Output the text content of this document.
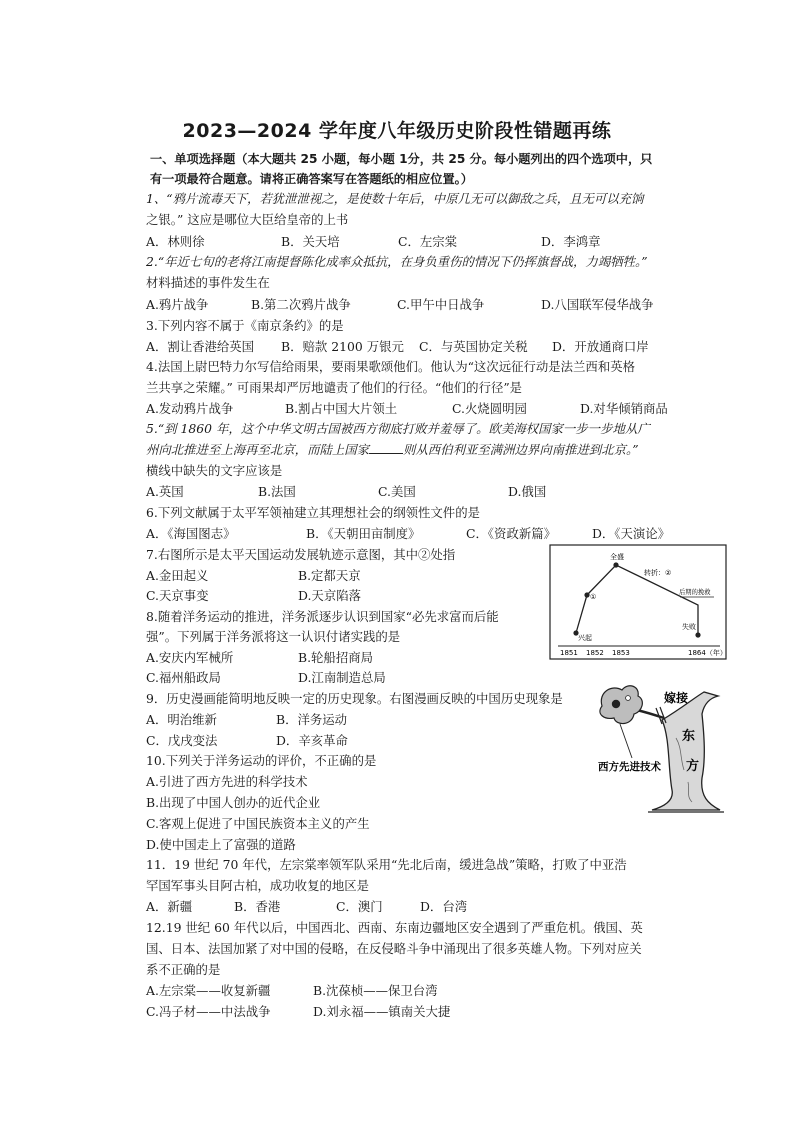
2023—2024 学年度八年级历史阶段性错题再练
一、单项选择题（本大题共 25 小题，每小题 1分，共 25 分。每小题列出的四个选项中，只
有一项最符合题意。请将正确答案写在答题纸的相应位置。）
1、“鸦片流毒天下，若犹泄泄视之，是使数十年后，中原几无可以御敌之兵，且无可以充饷
之银。” 这应是哪位大臣给皇帝的上书
A．林则徐	B．关天培	C．左宗棠	D．李鸿章
2.“年近七旬的老将江南提督陈化成率众抵抗，在身负重伤的情况下仍挥旗督战，力竭牺牲。”
材料描述的事件发生在
A.鸦片战争	B.第二次鸦片战争	C.甲午中日战争	D.八国联军侵华战争
3.下列内容不属于《南京条约》的是
A．割让香港给英国 B．赔款 2100 万银元 C．与英国协定关税 D．开放通商口岸
4.法国上尉巴特力尔写信给雨果，要雨果歌颂他们。他认为“这次远征行动是法兰西和英格
兰共享之荣耀。” 可雨果却严厉地谴责了他们的行径。“他们的行径”是
A.发动鸦片战争	B.割占中国大片领土	C.火烧圆明园	D.对华倾销商品
5.“到 1860 年，这个中华文明古国被西方彻底打败并羞辱了。欧美海权国家一步一步地从广
州向北推进至上海再至北京，而陆上国家	则从西伯利亚至满洲边界向南推进到北京。”
横线中缺失的文字应该是
A.英国	B.法国	C.美国	D.俄国
6.下列文献属于太平军领袖建立其理想社会的纲领性文件的是
A．《海国图志》	B．《天朝田亩制度》	C．《资政新篇》	D．《天演论》
7.右图所示是太平天国运动发展轨迹示意图，其中②处指
A.金田起义	B.定都天京
C.天京事变	D.天京陷落
8.随着洋务运动的推进，洋务派逐步认识到国家“必先求富而后能
强”。下列属于洋务派将这一认识付诸实践的是
A.安庆内军械所	B.轮船招商局
C.福州船政局	D.江南制造总局
9．历史漫画能简明地反映一定的历史现象。右图漫画反映的中国历史现象是
A．明治维新	B．洋务运动
C．戊戌变法	D．辛亥革命
10.下列关于洋务运动的评价，不正确的是
A.引进了西方先进的科学技术
B.出现了中国人创办的近代企业
C.客观上促进了中国民族资本主义的产生
D.使中国走上了富强的道路
11．19 世纪 70 年代，左宗棠率领军队采用“先北后南，缓进急战”策略，打败了中亚浩
罕国军事头目阿古柏，成功收复的地区是
A．新疆	B．香港	C．澳门	D．台湾
12.19 世纪 60 年代以后，中国西北、西南、东南边疆地区安全遇到了严重危机。俄国、英
国、日本、法国加紧了对中国的侵略，在反侵略斗争中涌现出了很多英雄人物。下列对应关
系不正确的是
A.左宗棠——收复新疆	B.沈葆桢——保卫台湾
C.冯子材——中法战争	D.刘永福——镇南关大捷
兴起
①
全盛
转折：②
后期的挽救
失败
1851 1852 1853	1864（年）
嫁接
东
方
西方先进技术
